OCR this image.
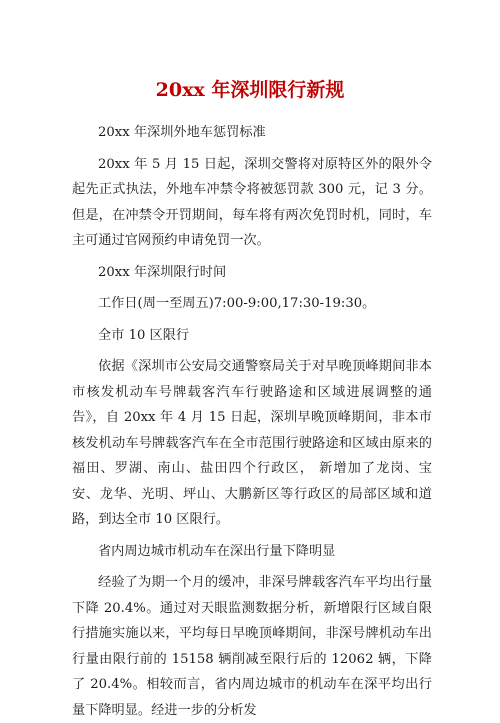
20xx 年深圳限行新规

20xx 年深圳外地车惩罚标准

20xx 年 5 月 15 日起，深圳交警将对原特区外的限外令起先正式执法，外地车冲禁令将被惩罚款 300 元，记 3 分。但是，在冲禁令开罚期间，每车将有两次免罚时机，同时，车主可通过官网预约申请免罚一次。

20xx 年深圳限行时间

工作日(周一至周五)7:00-9:00,17:30-19:30。

全市 10 区限行

依据《深圳市公安局交通警察局关于对早晚顶峰期间非本市核发机动车号牌载客汽车行驶路途和区域进展调整的通告》，自 20xx 年 4 月 15 日起，深圳早晚顶峰期间，非本市核发机动车号牌载客汽车在全市范围行驶路途和区域由原来的福田、罗湖、南山、盐田四个行政区， 新增加了龙岗、宝安、龙华、光明、坪山、大鹏新区等行政区的局部区域和道路，到达全市 10 区限行。

省内周边城市机动车在深出行量下降明显

经验了为期一个月的缓冲，非深号牌载客汽车平均出行量下降 20.4%。通过对天眼监测数据分析，新增限行区域自限行措施实施以来，平均每日早晚顶峰期间，非深号牌机动车出行量由限行前的 15158 辆削减至限行后的 12062 辆，下降了 20.4%。相较而言，省内周边城市的机动车在深平均出行量下降明显。经进一步的分析发
